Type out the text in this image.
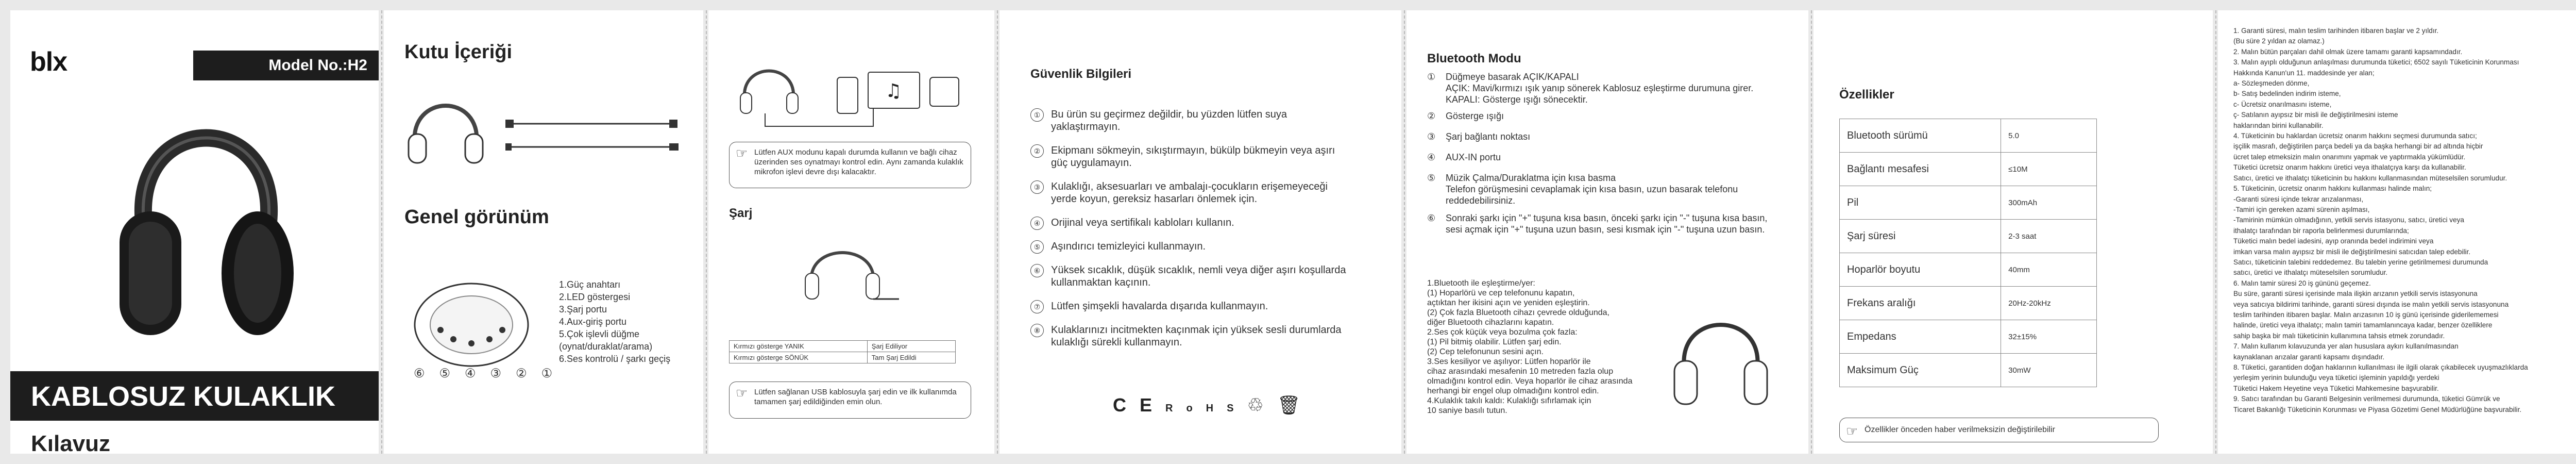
blx	Model No.:H2
KABLOSUZ KULAKLIK
Kılavuz
Kutu İçeriği
Genel görünüm
⑥⑤④③②①
1.Güç anahtarı
2.LED göstergesi
3.Şarj portu
4.Aux-giriş portu
5.Çok işlevli düğme
(oynat/duraklat/arama)
6.Ses kontrolü / şarkı geçiş
♫
☞ Lütfen AUX modunu kapalı durumda kullanın ve bağlı cihaz üzerinden ses oynatmayı kontrol edin. Aynı zamanda kulaklık mikrofon işlevi devre dışı kalacaktır.
Şarj
Kırmızı gösterge YANIK	Şarj Ediliyor
Kırmızı gösterge SÖNÜK	Tam Şarj Edildi
☞ Lütfen sağlanan USB kablosuyla şarj edin ve ilk kullanımda tamamen şarj edildiğinden emin olun.
Güvenlik Bilgileri
①	Bu ürün su geçirmez değildir, bu yüzden lütfen suya yaklaştırmayın.
②	Ekipmanı sökmeyin, sıkıştırmayın, bükülp bükmeyin veya aşırı güç uygulamayın.
③	Kulaklığı, aksesuarları ve ambalajı-çocukların erişemeyeceği yerde koyun, gereksiz hasarları önlemek için.
④	Orijinal veya sertifikalı kabloları kullanın.
⑤	Aşındırıcı temizleyici kullanmayın.
⑥	Yüksek sıcaklık, düşük sıcaklık, nemli veya diğer aşırı koşullarda kullanmaktan kaçının.
⑦	Lütfen şimşekli havalarda dışarıda kullanmayın.
⑧	Kulaklarınızı incitmekten kaçınmak için yüksek sesli durumlarda kulaklığı sürekli kullanmayın.
CERoHS♲🗑
Bluetooth Modu
① Düğmeye basarak AÇIK/KAPALI
AÇIK: Mavi/kırmızı ışık yanıp sönerek Kablosuz eşleştirme durumuna girer.
KAPALI: Gösterge ışığı sönecektir.
② Gösterge ışığı
③ Şarj bağlantı noktası
④ AUX-IN portu
⑤ Müzik Çalma/Duraklatma için kısa basma
Telefon görüşmesini cevaplamak için kısa basın, uzun basarak telefonu reddedebilirsiniz.
⑥ Sonraki şarkı için "+" tuşuna kısa basın, önceki şarkı için "-" tuşuna kısa basın, sesi açmak için "+" tuşuna uzun basın, sesi kısmak için "-" tuşuna uzun basın.
1.Bluetooth ile eşleştirme/yer:
(1) Hoparlörü ve cep telefonunu kapatın,
açtıktan her ikisini açın ve yeniden eşleştirin.
(2) Çok fazla Bluetooth cihazı çevrede olduğunda,
diğer Bluetooth cihazlarını kapatın.
2.Ses çok küçük veya bozulma çok fazla:
(1) Pil bitmiş olabilir. Lütfen şarj edin.
(2) Cep telefonunun sesini açın.
3.Ses kesiliyor ve aşılıyor: Lütfen hoparlör ile
cihaz arasındaki mesafenin 10 metreden fazla olup
olmadığını kontrol edin. Veya hoparlör ile cihaz arasında
herhangi bir engel olup olmadığını kontrol edin.
4.Kulaklık takılı kaldı: Kulaklığı sıfırlamak için
10 saniye basılı tutun.
Özellikler
Bluetooth sürümü	5.0
Bağlantı mesafesi	≤10M
Pil	300mAh
Şarj süresi	2-3 saat
Hoparlör boyutu	40mm
Frekans aralığı	20Hz-20kHz
Empedans	32±15%
Maksimum Güç	30mW
☞ Özellikler önceden haber verilmeksizin değiştirilebilir
1. Garanti süresi, malın teslim tarihinden itibaren başlar ve 2 yıldır.
(Bu süre 2 yıldan az olamaz.)
2. Malın bütün parçaları dahil olmak üzere tamamı garanti kapsamındadır.
3. Malın ayıplı olduğunun anlaşılması durumunda tüketici; 6502 sayılı Tüketicinin Korunması
Hakkında Kanun'un 11. maddesinde yer alan;
a- Sözleşmeden dönme,
b- Satış bedelinden indirim isteme,
c- Ücretsiz onarılmasını isteme,
ç- Satılanın ayıpsız bir misli ile değiştirilmesini isteme
haklarından birini kullanabilir.
4. Tüketicinin bu haklardan ücretsiz onarım hakkını seçmesi durumunda satıcı;
işçilik masrafı, değiştirilen parça bedeli ya da başka herhangi bir ad altında hiçbir
ücret talep etmeksizin malın onarımını yapmak ve yaptırmakla yükümlüdür.
Tüketici ücretsiz onarım hakkını üretici veya ithalatçıya karşı da kullanabilir.
Satıcı, üretici ve ithalatçı tüketicinin bu hakkını kullanmasından müteselsilen sorumludur.
5. Tüketicinin, ücretsiz onarım hakkını kullanması halinde malın;
-Garanti süresi içinde tekrar arızalanması,
-Tamiri için gereken azami sürenin aşılması,
-Tamirinin mümkün olmadığının, yetkili servis istasyonu, satıcı, üretici veya
ithalatçı tarafından bir raporla belirlenmesi durumlarında;
Tüketici malın bedel iadesini, ayıp oranında bedel indirimini veya
imkan varsa malın ayıpsız bir misli ile değiştirilmesini satıcıdan talep edebilir.
Satıcı, tüketicinin talebini reddedemez. Bu talebin yerine getirilmemesi durumunda
satıcı, üretici ve ithalatçı müteselsilen sorumludur.
6. Malın tamir süresi 20 iş gününü geçemez.
Bu süre, garanti süresi içerisinde mala ilişkin arızanın yetkili servis istasyonuna
veya satıcıya bildirimi tarihinde, garanti süresi dışında ise malın yetkili servis istasyonuna
teslim tarihinden itibaren başlar. Malın arızasının 10 iş günü içerisinde giderilememesi
halinde, üretici veya ithalatçı; malın tamiri tamamlanıncaya kadar, benzer özelliklere
sahip başka bir malı tüketicinin kullanımına tahsis etmek zorundadır.
7. Malın kullanım kılavuzunda yer alan hususlara aykırı kullanılmasından
kaynaklanan arızalar garanti kapsamı dışındadır.
8. Tüketici, garantiden doğan haklarının kullanılması ile ilgili olarak çıkabilecek uyuşmazlıklarda
yerleşim yerinin bulunduğu veya tüketici işleminin yapıldığı yerdeki
Tüketici Hakem Heyetine veya Tüketici Mahkemesine başvurabilir.
9. Satıcı tarafından bu Garanti Belgesinin verilmemesi durumunda, tüketici Gümrük ve
Ticaret Bakanlığı Tüketicinin Korunması ve Piyasa Gözetimi Genel Müdürlüğüne başvurabilir.
